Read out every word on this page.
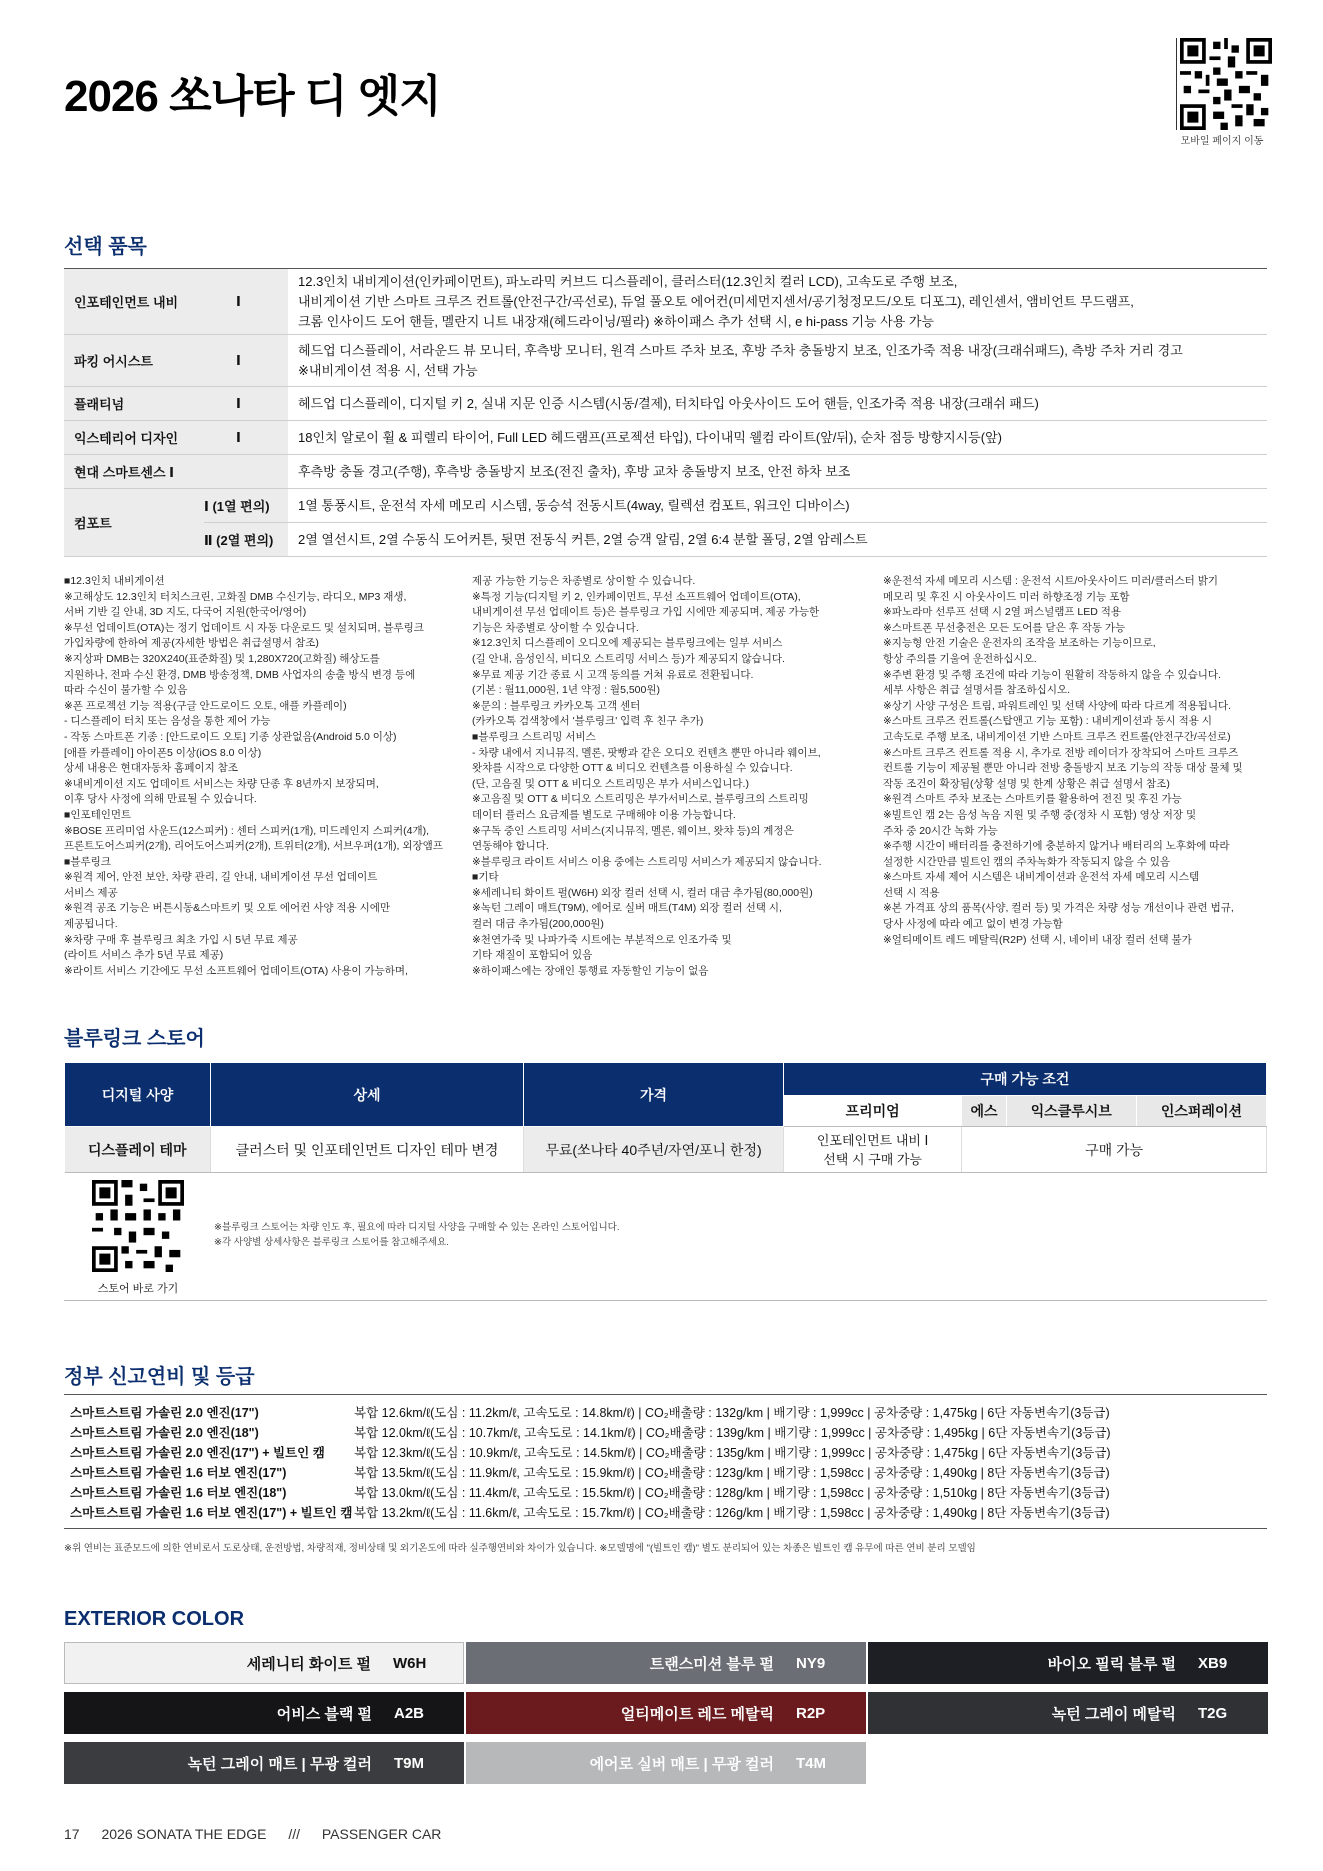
2026 쏘나타 디 엣지
모바일 페이지 이동
선택 품목
인포테인먼트 내비	Ⅰ
12.3인치 내비게이션(인카페이먼트), 파노라믹 커브드 디스플레이, 클러스터(12.3인치 컬러 LCD), 고속도로 주행 보조,
내비게이션 기반 스마트 크루즈 컨트롤(안전구간/곡선로), 듀얼 풀오토 에어컨(미세먼지센서/공기청정모드/오토 디포그), 레인센서, 앰비언트 무드램프,
크롬 인사이드 도어 핸들, 멜란지 니트 내장재(헤드라이닝/필라) ※하이패스 추가 선택 시, e hi-pass 기능 사용 가능
파킹 어시스트	Ⅰ
헤드업 디스플레이, 서라운드 뷰 모니터, 후측방 모니터, 원격 스마트 주차 보조, 후방 주차 충돌방지 보조, 인조가죽 적용 내장(크래쉬패드), 측방 주차 거리 경고
※내비게이션 적용 시, 선택 가능
플래티넘	Ⅰ	헤드업 디스플레이, 디지털 키 2, 실내 지문 인증 시스템(시동/결제), 터치타입 아웃사이드 도어 핸들, 인조가죽 적용 내장(크래쉬 패드)
익스테리어 디자인	Ⅰ	18인치 알로이 휠 & 피렐리 타이어, Full LED 헤드램프(프로젝션 타입), 다이내믹 웰컴 라이트(앞/뒤), 순차 점등 방향지시등(앞)
현대 스마트센스 Ⅰ	후측방 충돌 경고(주행), 후측방 충돌방지 보조(전진 출차), 후방 교차 충돌방지 보조, 안전 하차 보조
컴포트
Ⅰ (1열 편의)	1열 통풍시트, 운전석 자세 메모리 시스템, 동승석 전동시트(4way, 릴렉션 컴포트, 워크인 디바이스)
Ⅱ (2열 편의)	2열 열선시트, 2열 수동식 도어커튼, 뒷면 전동식 커튼, 2열 승객 알림, 2열 6:4 분할 폴딩, 2열 암레스트
■12.3인치 내비게이션
※고해상도 12.3인치 터치스크린, 고화질 DMB 수신기능, 라디오, MP3 재생,
서버 기반 길 안내, 3D 지도, 다국어 지원(한국어/영어)
※무선 업데이트(OTA)는 정기 업데이트 시 자동 다운로드 및 설치되며, 블루링크
가입차량에 한하여 제공(자세한 방법은 취급설명서 참조)
※지상파 DMB는 320X240(표준화질) 및 1,280X720(고화질) 해상도를
지원하나, 전파 수신 환경, DMB 방송정책, DMB 사업자의 송출 방식 변경 등에
따라 수신이 불가할 수 있음
※폰 프로젝션 기능 적용(구글 안드로이드 오토, 애플 카플레이)
- 디스플레이 터치 또는 음성을 통한 제어 가능
- 작동 스마트폰 기종 : [안드로이드 오토] 기종 상관없음(Android 5.0 이상)
[애플 카플레이] 아이폰5 이상(iOS 8.0 이상)
상세 내용은 현대자동차 홈페이지 참조
※내비게이션 지도 업데이트 서비스는 차량 단종 후 8년까지 보장되며,
이후 당사 사정에 의해 만료될 수 있습니다.
■인포테인먼트
※BOSE 프리미엄 사운드(12스피커) : 센터 스피커(1개), 미드레인지 스피커(4개),
프론트도어스피커(2개), 리어도어스피커(2개), 트위터(2개), 서브우퍼(1개), 외장앰프
■블루링크
※원격 제어, 안전 보안, 차량 관리, 길 안내, 내비게이션 무선 업데이트
서비스 제공
※원격 공조 기능은 버튼시동&스마트키 및 오토 에어컨 사양 적용 시에만
제공됩니다.
※차량 구매 후 블루링크 최초 가입 시 5년 무료 제공
(라이트 서비스 추가 5년 무료 제공)
※라이트 서비스 기간에도 무선 소프트웨어 업데이트(OTA) 사용이 가능하며,
제공 가능한 기능은 차종별로 상이할 수 있습니다.
※특정 기능(디지털 키 2, 인카페이먼트, 무선 소프트웨어 업데이트(OTA),
내비게이션 무선 업데이트 등)은 블루링크 가입 시에만 제공되며, 제공 가능한
기능은 차종별로 상이할 수 있습니다.
※12.3인치 디스플레이 오디오에 제공되는 블루링크에는 일부 서비스
(길 안내, 음성인식, 비디오 스트리밍 서비스 등)가 제공되지 않습니다.
※무료 제공 기간 종료 시 고객 동의를 거쳐 유료로 전환됩니다.
(기본 : 월11,000원, 1년 약정 : 월5,500원)
※문의 : 블루링크 카카오톡 고객 센터
(카카오톡 검색창에서 '블루링크' 입력 후 친구 추가)
■블루링크 스트리밍 서비스
- 차량 내에서 지니뮤직, 멜론, 팟빵과 같은 오디오 컨텐츠 뿐만 아니라 웨이브,
왓챠를 시작으로 다양한 OTT & 비디오 컨텐츠를 이용하실 수 있습니다.
(단, 고음질 및 OTT & 비디오 스트리밍은 부가 서비스입니다.)
※고음질 및 OTT & 비디오 스트리밍은 부가서비스로, 블루링크의 스트리밍
데이터 플러스 요금제를 별도로 구매해야 이용 가능합니다.
※구독 중인 스트리밍 서비스(지니뮤직, 멜론, 웨이브, 왓챠 등)의 계정은
연동해야 합니다.
※블루링크 라이트 서비스 이용 중에는 스트리밍 서비스가 제공되지 않습니다.
■기타
※세레니티 화이트 펄(W6H) 외장 컬러 선택 시, 컬러 대금 추가됨(80,000원)
※녹턴 그레이 매트(T9M), 에어로 실버 매트(T4M) 외장 컬러 선택 시,
컬러 대금 추가됨(200,000원)
※천연가죽 및 나파가죽 시트에는 부분적으로 인조가죽 및
기타 재질이 포함되어 있음
※하이패스에는 장애인 통행료 자동할인 기능이 없음
※운전석 자세 메모리 시스템 : 운전석 시트/아웃사이드 미러/클러스터 밝기
메모리 및 후진 시 아웃사이드 미러 하향조정 기능 포함
※파노라마 선루프 선택 시 2열 퍼스널램프 LED 적용
※스마트폰 무선충전은 모든 도어를 닫은 후 작동 가능
※지능형 안전 기술은 운전자의 조작을 보조하는 기능이므로,
항상 주의를 기울여 운전하십시오.
※주변 환경 및 주행 조건에 따라 기능이 원활히 작동하지 않을 수 있습니다.
세부 사항은 취급 설명서를 참조하십시오.
※상기 사양 구성은 트림, 파워트레인 및 선택 사양에 따라 다르게 적용됩니다.
※스마트 크루즈 컨트롤(스탑앤고 기능 포함) : 내비게이션과 동시 적용 시
고속도로 주행 보조, 내비게이션 기반 스마트 크루즈 컨트롤(안전구간/곡선로)
※스마트 크루즈 컨트롤 적용 시, 추가로 전방 레이더가 장착되어 스마트 크루즈
컨트롤 기능이 제공될 뿐만 아니라 전방 충돌방지 보조 기능의 작동 대상 물체 및
작동 조건이 확장됨(상황 설명 및 한계 상황은 취급 설명서 참조)
※원격 스마트 주차 보조는 스마트키를 활용하여 전진 및 후진 가능
※빌트인 캠 2는 음성 녹음 지원 및 주행 중(정차 시 포함) 영상 저장 및
주차 중 20시간 녹화 가능
※주행 시간이 배터리를 충전하기에 충분하지 않거나 배터리의 노후화에 따라
설정한 시간만큼 빌트인 캠의 주차녹화가 작동되지 않을 수 있음
※스마트 자세 제어 시스템은 내비게이션과 운전석 자세 메모리 시스템
선택 시 적용
※본 가격표 상의 품목(사양, 컬러 등) 및 가격은 차량 성능 개선이나 관련 법규,
당사 사정에 따라 예고 없이 변경 가능함
※얼티메이트 레드 메탈릭(R2P) 선택 시, 네이비 내장 컬러 선택 불가
블루링크 스토어
디지털 사양	상세	가격	구매 가능 조건			
			프리미엄	에스	익스클루시브	인스퍼레이션
디스플레이 테마	클러스터 및 인포테인먼트 디자인 테마 변경	무료(쏘나타 40주년/자연/포니 한정)	인포테인먼트 내비 Ⅰ
선택 시 구매 가능	구매 가능		
스토어 바로 가기
※블루링크 스토어는 차량 인도 후, 필요에 따라 디지털 사양을 구매할 수 있는 온라인 스토어입니다.
※각 사양별 상세사항은 블루링크 스토어를 참고해주세요.
정부 신고연비 및 등급
스마트스트림 가솔린 2.0 엔진(17")	복합 12.6km/ℓ(도심 : 11.2km/ℓ, 고속도로 : 14.8km/ℓ) | CO₂배출량 : 132g/km | 배기량 : 1,999cc | 공차중량 : 1,475kg | 6단 자동변속기(3등급)
스마트스트림 가솔린 2.0 엔진(18")	복합 12.0km/ℓ(도심 : 10.7km/ℓ, 고속도로 : 14.1km/ℓ) | CO₂배출량 : 139g/km | 배기량 : 1,999cc | 공차중량 : 1,495kg | 6단 자동변속기(3등급)
스마트스트림 가솔린 2.0 엔진(17") + 빌트인 캠 복합 12.3km/ℓ(도심 : 10.9km/ℓ, 고속도로 : 14.5km/ℓ) | CO₂배출량 : 135g/km | 배기량 : 1,999cc | 공차중량 : 1,475kg | 6단 자동변속기(3등급)
스마트스트림 가솔린 1.6 터보 엔진(17")	복합 13.5km/ℓ(도심 : 11.9km/ℓ, 고속도로 : 15.9km/ℓ) | CO₂배출량 : 123g/km | 배기량 : 1,598cc | 공차중량 : 1,490kg | 8단 자동변속기(3등급)
스마트스트림 가솔린 1.6 터보 엔진(18")	복합 13.0km/ℓ(도심 : 11.4km/ℓ, 고속도로 : 15.5km/ℓ) | CO₂배출량 : 128g/km | 배기량 : 1,598cc | 공차중량 : 1,510kg | 8단 자동변속기(3등급)
스마트스트림 가솔린 1.6 터보 엔진(17") + 빌트인 캠 복합 13.2km/ℓ(도심 : 11.6km/ℓ, 고속도로 : 15.7km/ℓ) | CO₂배출량 : 126g/km | 배기량 : 1,598cc | 공차중량 : 1,490kg | 8단 자동변속기(3등급)
※위 연비는 표준모드에 의한 연비로서 도로상태, 운전방법, 차량적재, 정비상태 및 외기온도에 따라 실주행연비와 차이가 있습니다. ※모델명에 "(빌트인 캠)" 별도 분리되어 있는 차종은 빌트인 캠 유무에 따른 연비 분리 모델임
EXTERIOR COLOR
세레니티 화이트 펄 W6H	트랜스미션 블루 펄 NY9	바이오 필릭 블루 펄 XB9
어비스 블랙 펄 A2B	얼티메이트 레드 메탈릭 R2P	녹턴 그레이 메탈릭 T2G
녹턴 그레이 매트 | 무광 컬러 T9M	에어로 실버 매트 | 무광 컬러 T4M
17 2026 SONATA THE EDGE /// PASSENGER CAR
